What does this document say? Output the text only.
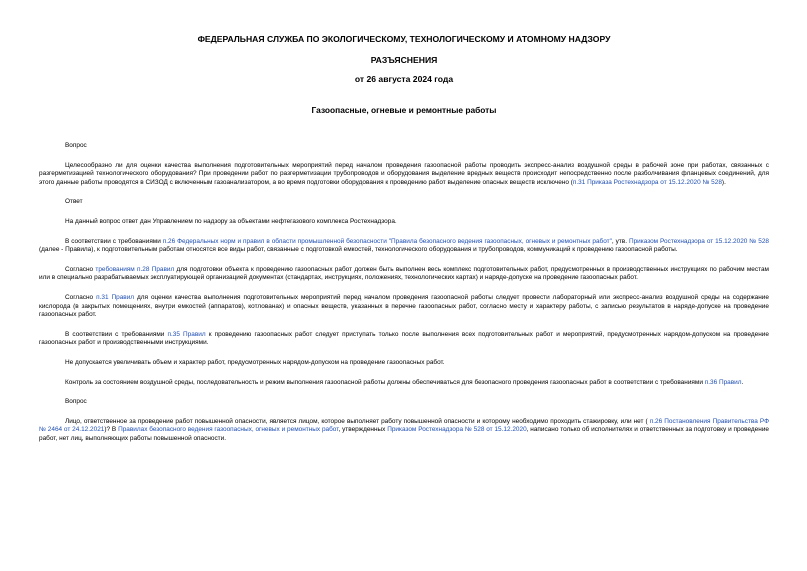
ФЕДЕРАЛЬНАЯ СЛУЖБА ПО ЭКОЛОГИЧЕСКОМУ, ТЕХНОЛОГИЧЕСКОМУ И АТОМНОМУ НАДЗОРУ
РАЗЪЯСНЕНИЯ
от 26 августа 2024 года
Газоопасные, огневые и ремонтные работы

Вопрос

Целесообразно ли для оценки качества выполнения подготовительных мероприятий перед началом проведения газоопасной работы проводить экспресс-анализ воздушной среды в рабочей зоне при работах, связанных с разгерметизацией технологического оборудования? При проведении работ по разгерметизации трубопроводов и оборудования выделение вредных веществ происходит непосредственно после разболчивания фланцевых соединений, для этого данные работы проводятся в СИЗОД с включенным газоанализатором, а во время подготовки оборудования к проведению работ выделение опасных веществ исключено (п.31 Приказа Ростехнадзора от 15.12.2020 № 528).

Ответ

На данный вопрос ответ дан Управлением по надзору за объектами нефтегазового комплекса Ростехнадзора.

В соответствии с требованиями п.26 Федеральных норм и правил в области промышленной безопасности "Правила безопасного ведения газоопасных, огневых и ремонтных работ", утв. Приказом Ростехнадзора от 15.12.2020 № 528 (далее - Правила), к подготовительным работам относятся все виды работ, связанные с подготовкой емкостей, технологического оборудования и трубопроводов, коммуникаций к проведению газоопасной работы.

Согласно требованиям п.28 Правил для подготовки объекта к проведению газоопасных работ должен быть выполнен весь комплекс подготовительных работ, предусмотренных в производственных инструкциях по рабочим местам или в специально разрабатываемых эксплуатирующей организацией документах (стандартах, инструкциях, положениях, технологических картах) и наряде-допуске на проведение газоопасных работ.

Согласно п.31 Правил для оценки качества выполнения подготовительных мероприятий перед началом проведения газоопасной работы следует провести лабораторный или экспресс-анализ воздушной среды на содержание кислорода (в закрытых помещениях, внутри емкостей (аппаратов), котлованах) и опасных веществ, указанных в перечне газоопасных работ, согласно месту и характеру работы, с записью результатов в наряде-допуске на проведение газоопасных работ.

В соответствии с требованиями п.35 Правил к проведению газоопасных работ следует приступать только после выполнения всех подготовительных работ и мероприятий, предусмотренных нарядом-допуском на проведение газоопасных работ и производственными инструкциями.

Не допускается увеличивать объем и характер работ, предусмотренных нарядом-допуском на проведение газоопасных работ.

Контроль за состоянием воздушной среды, последовательность и режим выполнения газоопасной работы должны обеспечиваться для безопасного проведения газоопасных работ в соответствии с требованиями п.36 Правил.

Вопрос

Лицо, ответственное за проведение работ повышенной опасности, является лицом, которое выполняет работу повышенной опасности и которому необходимо проходить стажировку, или нет ( п.26 Постановления Правительства РФ № 2464 от 24.12.2021)? В Правилах безопасного ведения газоопасных, огневых и ремонтных работ, утвержденных Приказом Ростехнадзора № 528 от 15.12.2020, написано только об исполнителях и ответственных за подготовку и проведение работ, нет лиц, выполняющих работы повышенной опасности.
